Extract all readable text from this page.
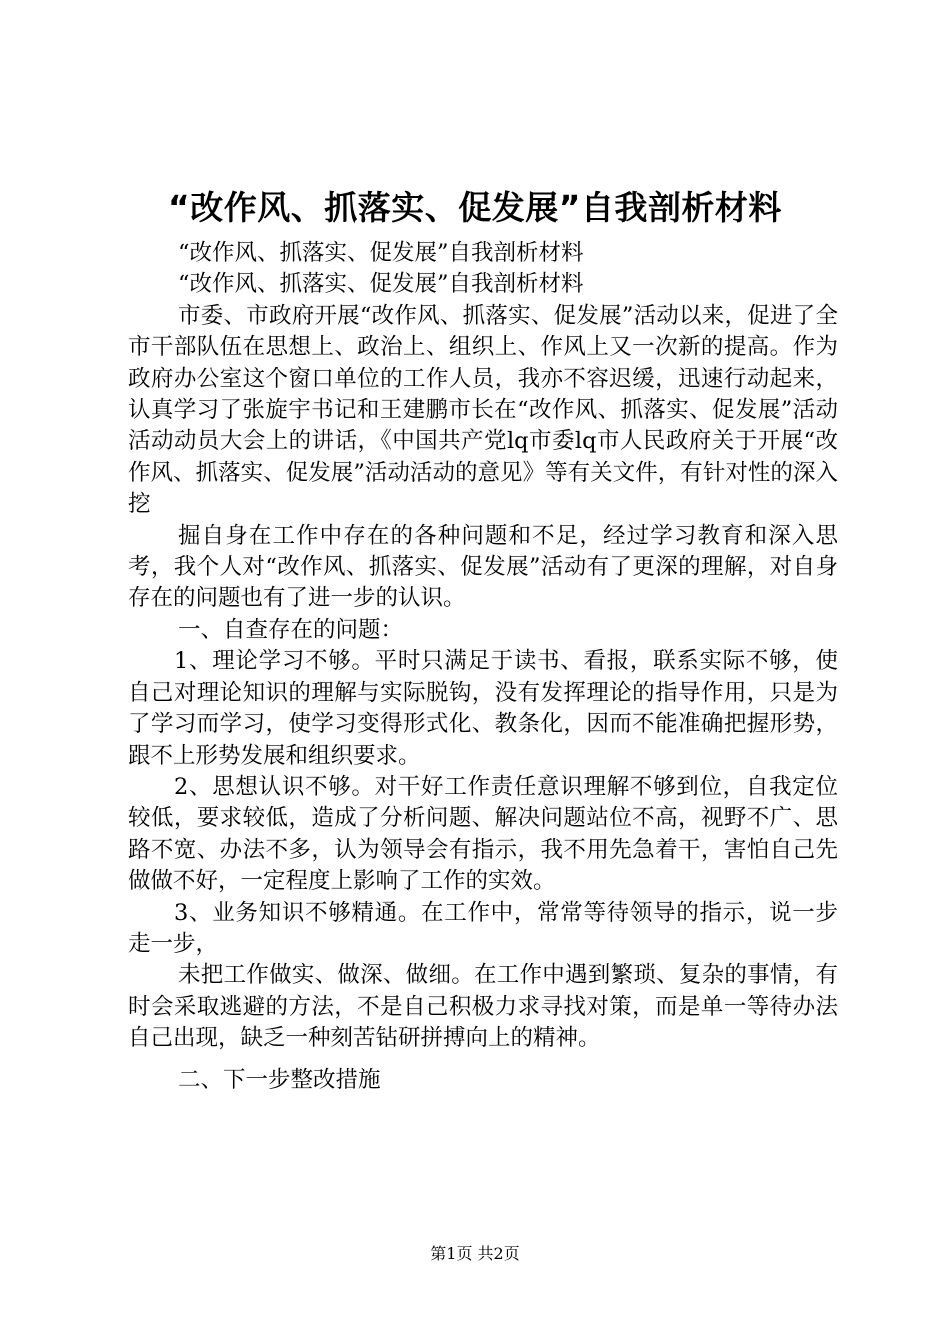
“改作风、抓落实、促发展”自我剖析材料

“改作风、抓落实、促发展”自我剖析材料

“改作风、抓落实、促发展”自我剖析材料

市委、市政府开展“改作风、抓落实、促发展”活动以来，促进了全市干部队伍在思想上、政治上、组织上、作风上又一次新的提高。作为政府办公室这个窗口单位的工作人员，我亦不容迟缓，迅速行动起来，认真学习了张旋宇书记和王建鹏市长在“改作风、抓落实、促发展”活动活动动员大会上的讲话，《中国共产党lq市委lq市人民政府关于开展“改作风、抓落实、促发展”活动活动的意见》等有关文件，有针对性的深入挖

掘自身在工作中存在的各种问题和不足，经过学习教育和深入思考，我个人对“改作风、抓落实、促发展”活动有了更深的理解，对自身存在的问题也有了进一步的认识。

一、自查存在的问题：

1、理论学习不够。平时只满足于读书、看报，联系实际不够，使自己对理论知识的理解与实际脱钩，没有发挥理论的指导作用，只是为了学习而学习，使学习变得形式化、教条化，因而不能准确把握形势，跟不上形势发展和组织要求。

2、思想认识不够。对干好工作责任意识理解不够到位，自我定位较低，要求较低，造成了分析问题、解决问题站位不高，视野不广、思路不宽、办法不多，认为领导会有指示，我不用先急着干，害怕自己先做做不好，一定程度上影响了工作的实效。

3、业务知识不够精通。在工作中，常常等待领导的指示，说一步走一步，

未把工作做实、做深、做细。在工作中遇到繁琐、复杂的事情，有时会采取逃避的方法，不是自己积极力求寻找对策，而是单一等待办法自己出现，缺乏一种刻苦钻研拼搏向上的精神。

二、下一步整改措施

第1页 共2页
